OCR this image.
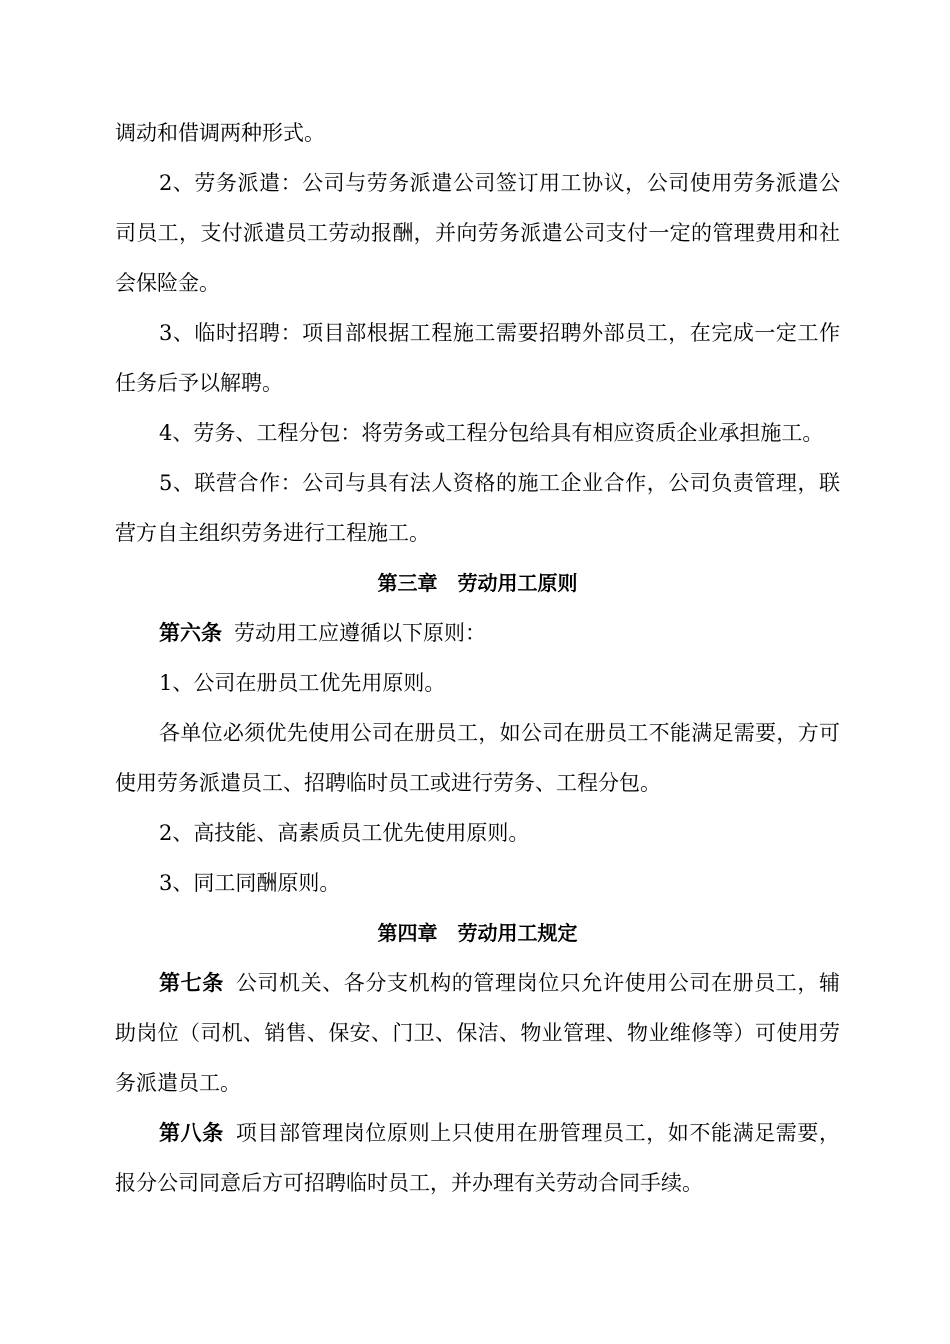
调动和借调两种形式。

2、劳务派遣：公司与劳务派遣公司签订用工协议，公司使用劳务派遣公司员工，支付派遣员工劳动报酬，并向劳务派遣公司支付一定的管理费用和社会保险金。

3、临时招聘：项目部根据工程施工需要招聘外部员工，在完成一定工作任务后予以解聘。

4、劳务、工程分包：将劳务或工程分包给具有相应资质企业承担施工。

5、联营合作：公司与具有法人资格的施工企业合作，公司负责管理，联营方自主组织劳务进行工程施工。

第三章　劳动用工原则

第六条 劳动用工应遵循以下原则：

1、公司在册员工优先用原则。

各单位必须优先使用公司在册员工，如公司在册员工不能满足需要，方可使用劳务派遣员工、招聘临时员工或进行劳务、工程分包。

2、高技能、高素质员工优先使用原则。

3、同工同酬原则。

第四章　劳动用工规定

第七条 公司机关、各分支机构的管理岗位只允许使用公司在册员工，辅助岗位（司机、销售、保安、门卫、保洁、物业管理、物业维修等）可使用劳务派遣员工。

第八条 项目部管理岗位原则上只使用在册管理员工，如不能满足需要，报分公司同意后方可招聘临时员工，并办理有关劳动合同手续。
